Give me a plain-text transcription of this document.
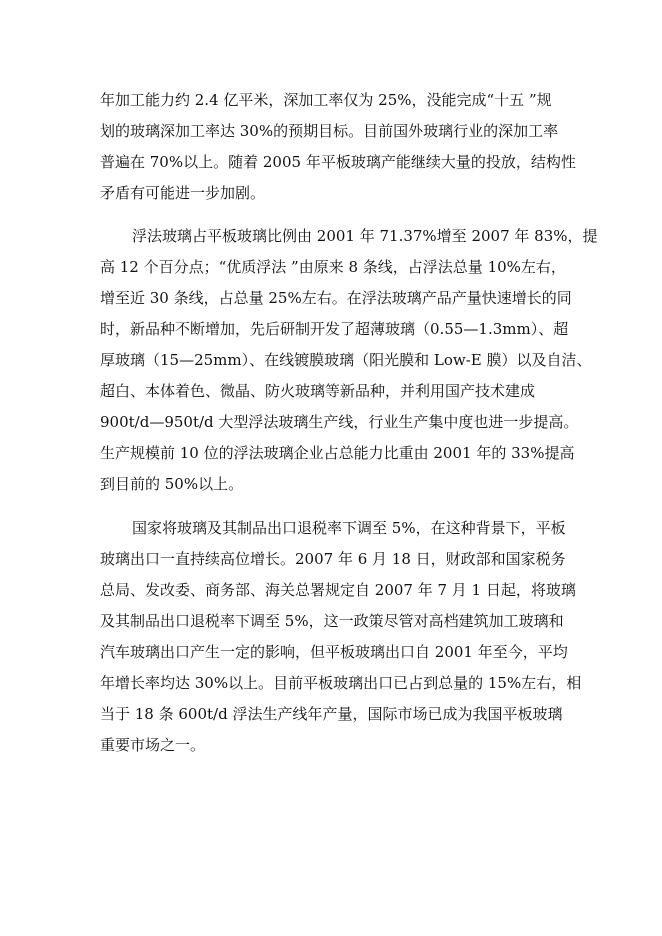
年加工能力约 2.4 亿平米，深加工率仅为 25%，没能完成“十五 ”规
划的玻璃深加工率达 30%的预期目标。目前国外玻璃行业的深加工率
普遍在 70%以上。随着 2005 年平板玻璃产能继续大量的投放，结构性
矛盾有可能进一步加剧。
浮法玻璃占平板玻璃比例由 2001 年 71.37%增至 2007 年 83%，提
高 12 个百分点；“优质浮法 ”由原来 8 条线，占浮法总量 10%左右，
增至近 30 条线，占总量 25%左右。在浮法玻璃产品产量快速增长的同
时，新品种不断增加，先后研制开发了超薄玻璃（0.55—1.3mm）、超
厚玻璃（15—25mm）、在线镀膜玻璃（阳光膜和 Low-E 膜）以及自洁、
超白、本体着色、微晶、防火玻璃等新品种，并利用国产技术建成
900t/d—950t/d 大型浮法玻璃生产线，行业生产集中度也进一步提高。
生产规模前 10 位的浮法玻璃企业占总能力比重由 2001 年的 33%提高
到目前的 50%以上。
国家将玻璃及其制品出口退税率下调至 5%，在这种背景下，平板
玻璃出口一直持续高位增长。2007 年 6 月 18 日，财政部和国家税务
总局、发改委、商务部、海关总署规定自 2007 年 7 月 1 日起，将玻璃
及其制品出口退税率下调至 5%，这一政策尽管对高档建筑加工玻璃和
汽车玻璃出口产生一定的影响，但平板玻璃出口自 2001 年至今，平均
年增长率均达 30%以上。目前平板玻璃出口已占到总量的 15%左右，相
当于 18 条 600t/d 浮法生产线年产量，国际市场已成为我国平板玻璃
重要市场之一。
